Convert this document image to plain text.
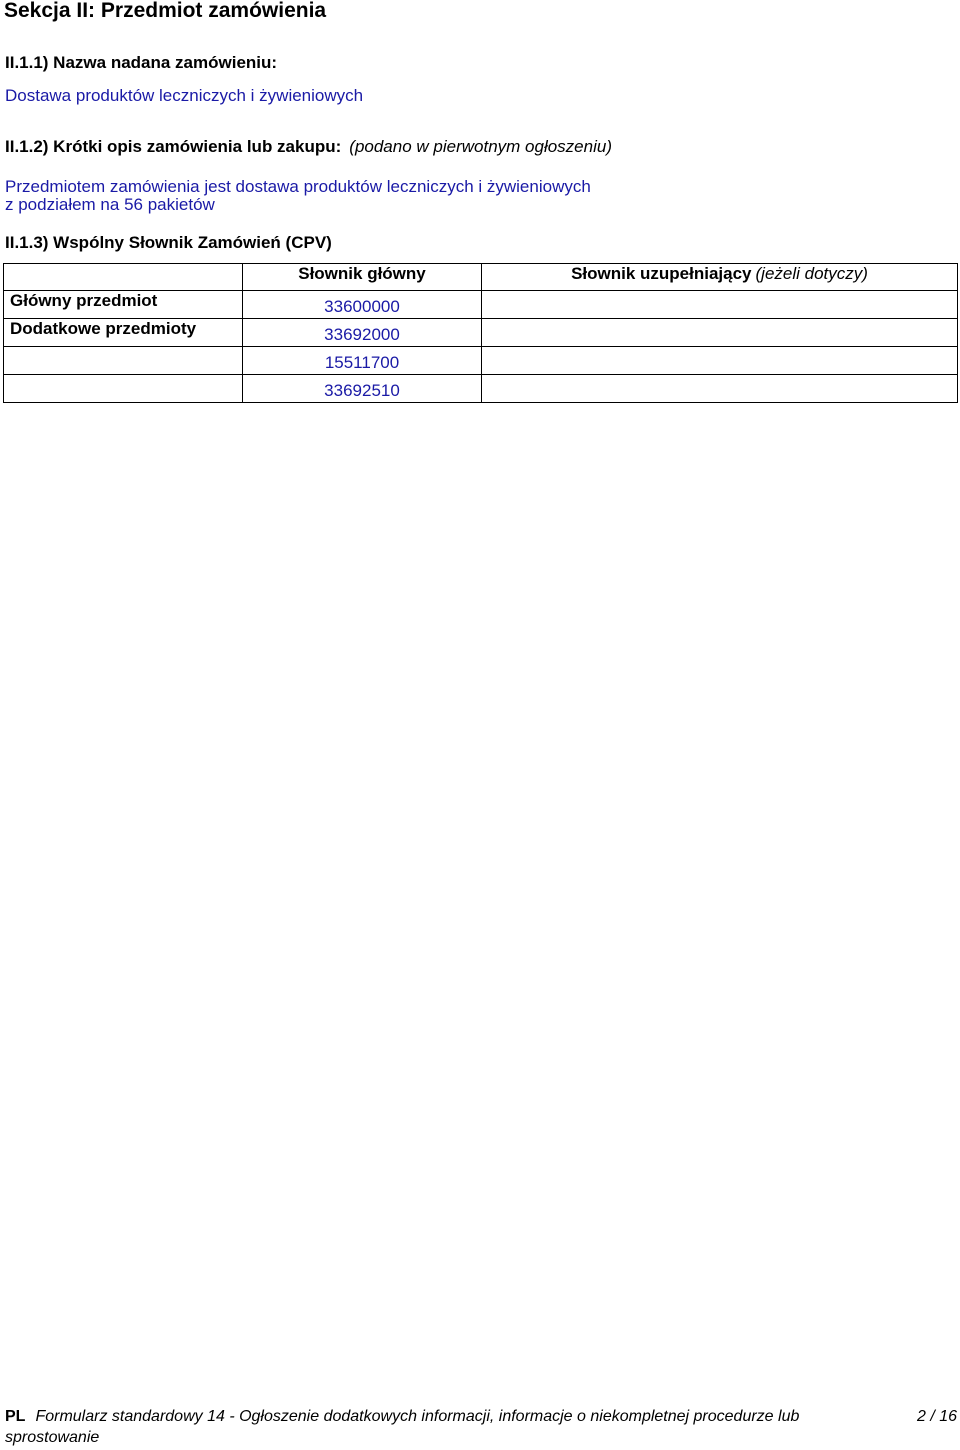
Sekcja II: Przedmiot zamówienia
II.1.1) Nazwa nadana zamówieniu:
Dostawa produktów leczniczych i żywieniowych
II.1.2) Krótki opis zamówienia lub zakupu: (podano w pierwotnym ogłoszeniu)
Przedmiotem zamówienia jest dostawa produktów leczniczych i żywieniowych
z podziałem na 56 pakietów
II.1.3) Wspólny Słownik Zamówień (CPV)
	Słownik główny	Słownik uzupełniający (jeżeli dotyczy)
Główny przedmiot	33600000	
Dodatkowe przedmioty	33692000	
	15511700	
	33692510	
PL Formularz standardowy 14 - Ogłoszenie dodatkowych informacji, informacje o niekompletnej procedurze lub
sprostowanie
2 / 16
